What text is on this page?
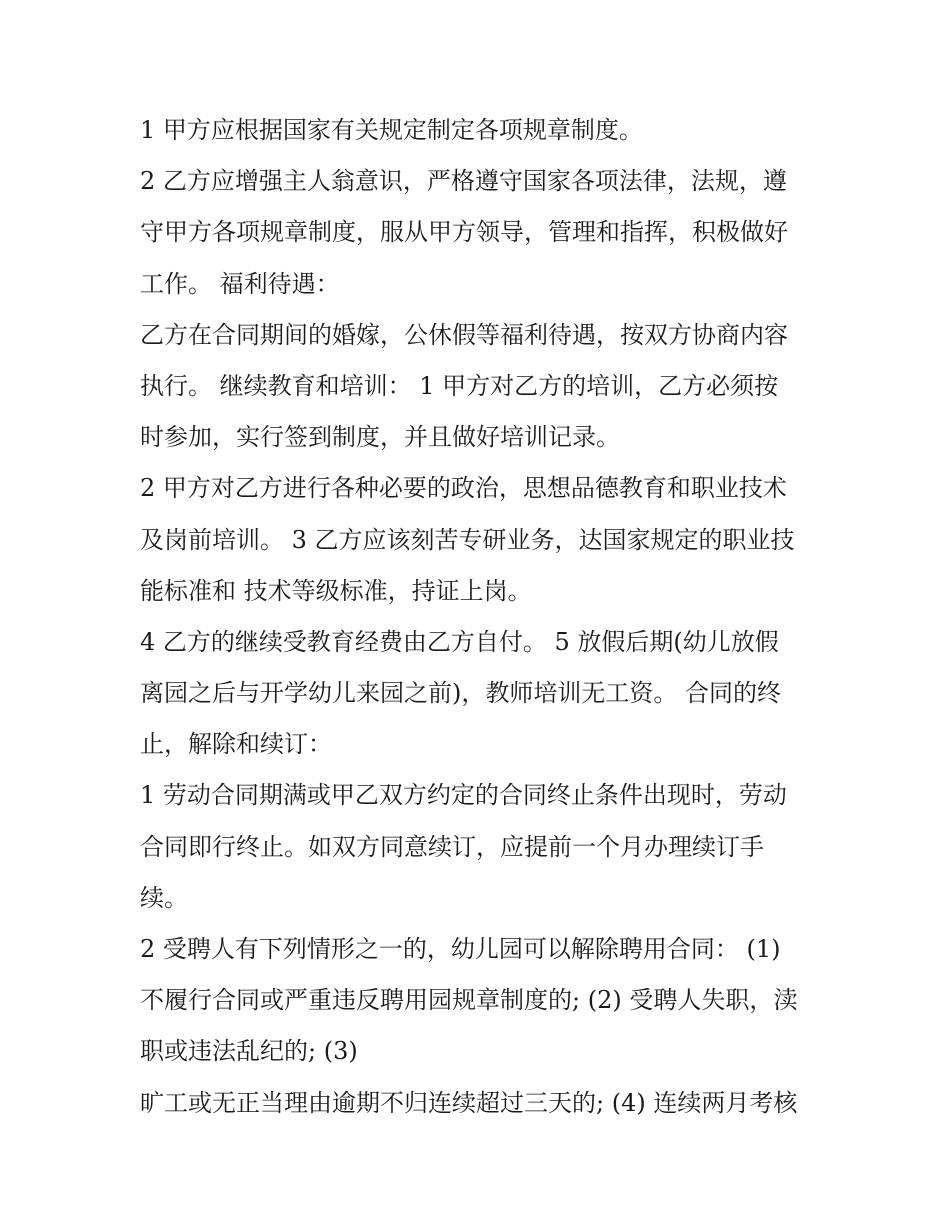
1 甲方应根据国家有关规定制定各项规章制度。

2 乙方应增强主人翁意识，严格遵守国家各项法律，法规，遵

守甲方各项规章制度，服从甲方领导，管理和指挥，积极做好

工作。 福利待遇：

乙方在合同期间的婚嫁，公休假等福利待遇，按双方协商内容

执行。 继续教育和培训： 1 甲方对乙方的培训，乙方必须按

时参加，实行签到制度，并且做好培训记录。

2 甲方对乙方进行各种必要的政治，思想品德教育和职业技术

及岗前培训。 3 乙方应该刻苦专研业务，达国家规定的职业技

能标准和 技术等级标准，持证上岗。

4 乙方的继续受教育经费由乙方自付。 5 放假后期(幼儿放假

离园之后与开学幼儿来园之前)，教师培训无工资。 合同的终

止，解除和续订：

1 劳动合同期满或甲乙双方约定的合同终止条件出现时，劳动

合同即行终止。如双方同意续订，应提前一个月办理续订手

续。

2 受聘人有下列情形之一的，幼儿园可以解除聘用合同： (1)

不履行合同或严重违反聘用园规章制度的; (2) 受聘人失职，渎

职或违法乱纪的; (3)

旷工或无正当理由逾期不归连续超过三天的; (4) 连续两月考核
